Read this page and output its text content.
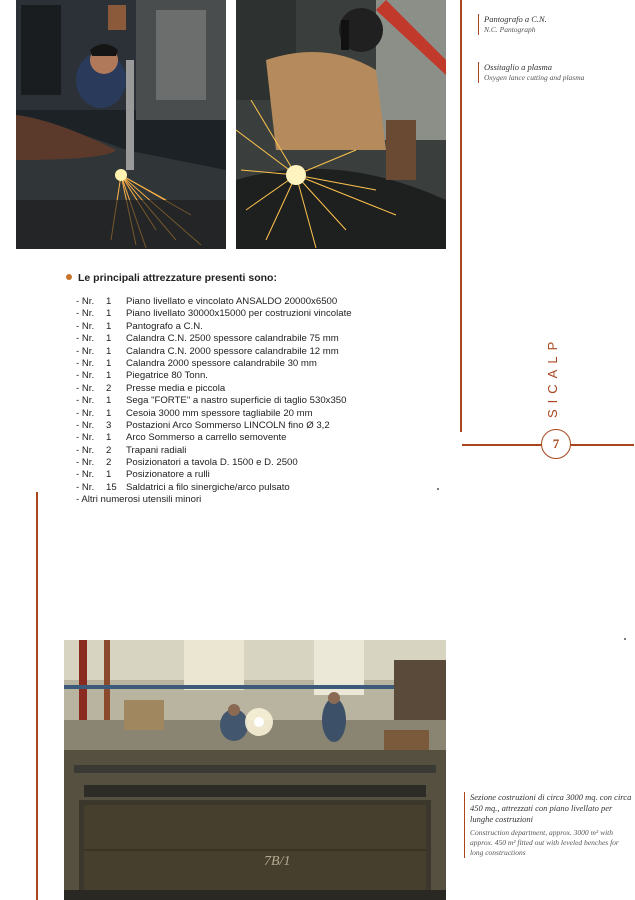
Pantografo a C.N.
N.C. Pantograph
Ossitaglio a plasma
Oxygen lance cutting and plasma
Le principali attrezzature presenti sono:
- Nr.	1	Piano livellato e vincolato ANSALDO 20000x6500
- Nr.	1	Piano livellato 30000x15000 per costruzioni vincolate
- Nr.	1	Pantografo a C.N.
- Nr.	1	Calandra C.N. 2500 spessore calandrabile 75 mm
- Nr.	1	Calandra C.N. 2000 spessore calandrabile 12 mm
- Nr.	1	Calandra 2000 spessore calandrabile 30 mm
- Nr.	1	Piegatrice 80 Tonn.
- Nr.	2	Presse media e piccola
- Nr.	1	Sega "FORTE" a nastro superficie di taglio 530x350
- Nr.	1	Cesoia 3000 mm spessore tagliabile 20 mm
- Nr.	3	Postazioni Arco Sommerso LINCOLN fino Ø 3,2
- Nr.	1	Arco Sommerso a carrello semovente
- Nr.	2	Trapani radiali
- Nr.	2	Posizionatori a tavola D. 1500 e D. 2500
- Nr.	1	Posizionatore a rulli
- Nr.	15 Saldatrici a filo sinergiche/arco pulsato
- Altri numerosi utensili minori
SICALP
7
7B/1
Sezione costruzioni di circa 3000 mq. con circa 450 mq., attrezzati con piano livellato per lunghe costruzioni
Construction department, approx. 3000 m² with approx. 450 m² fitted out with leveled benches for long constructions
